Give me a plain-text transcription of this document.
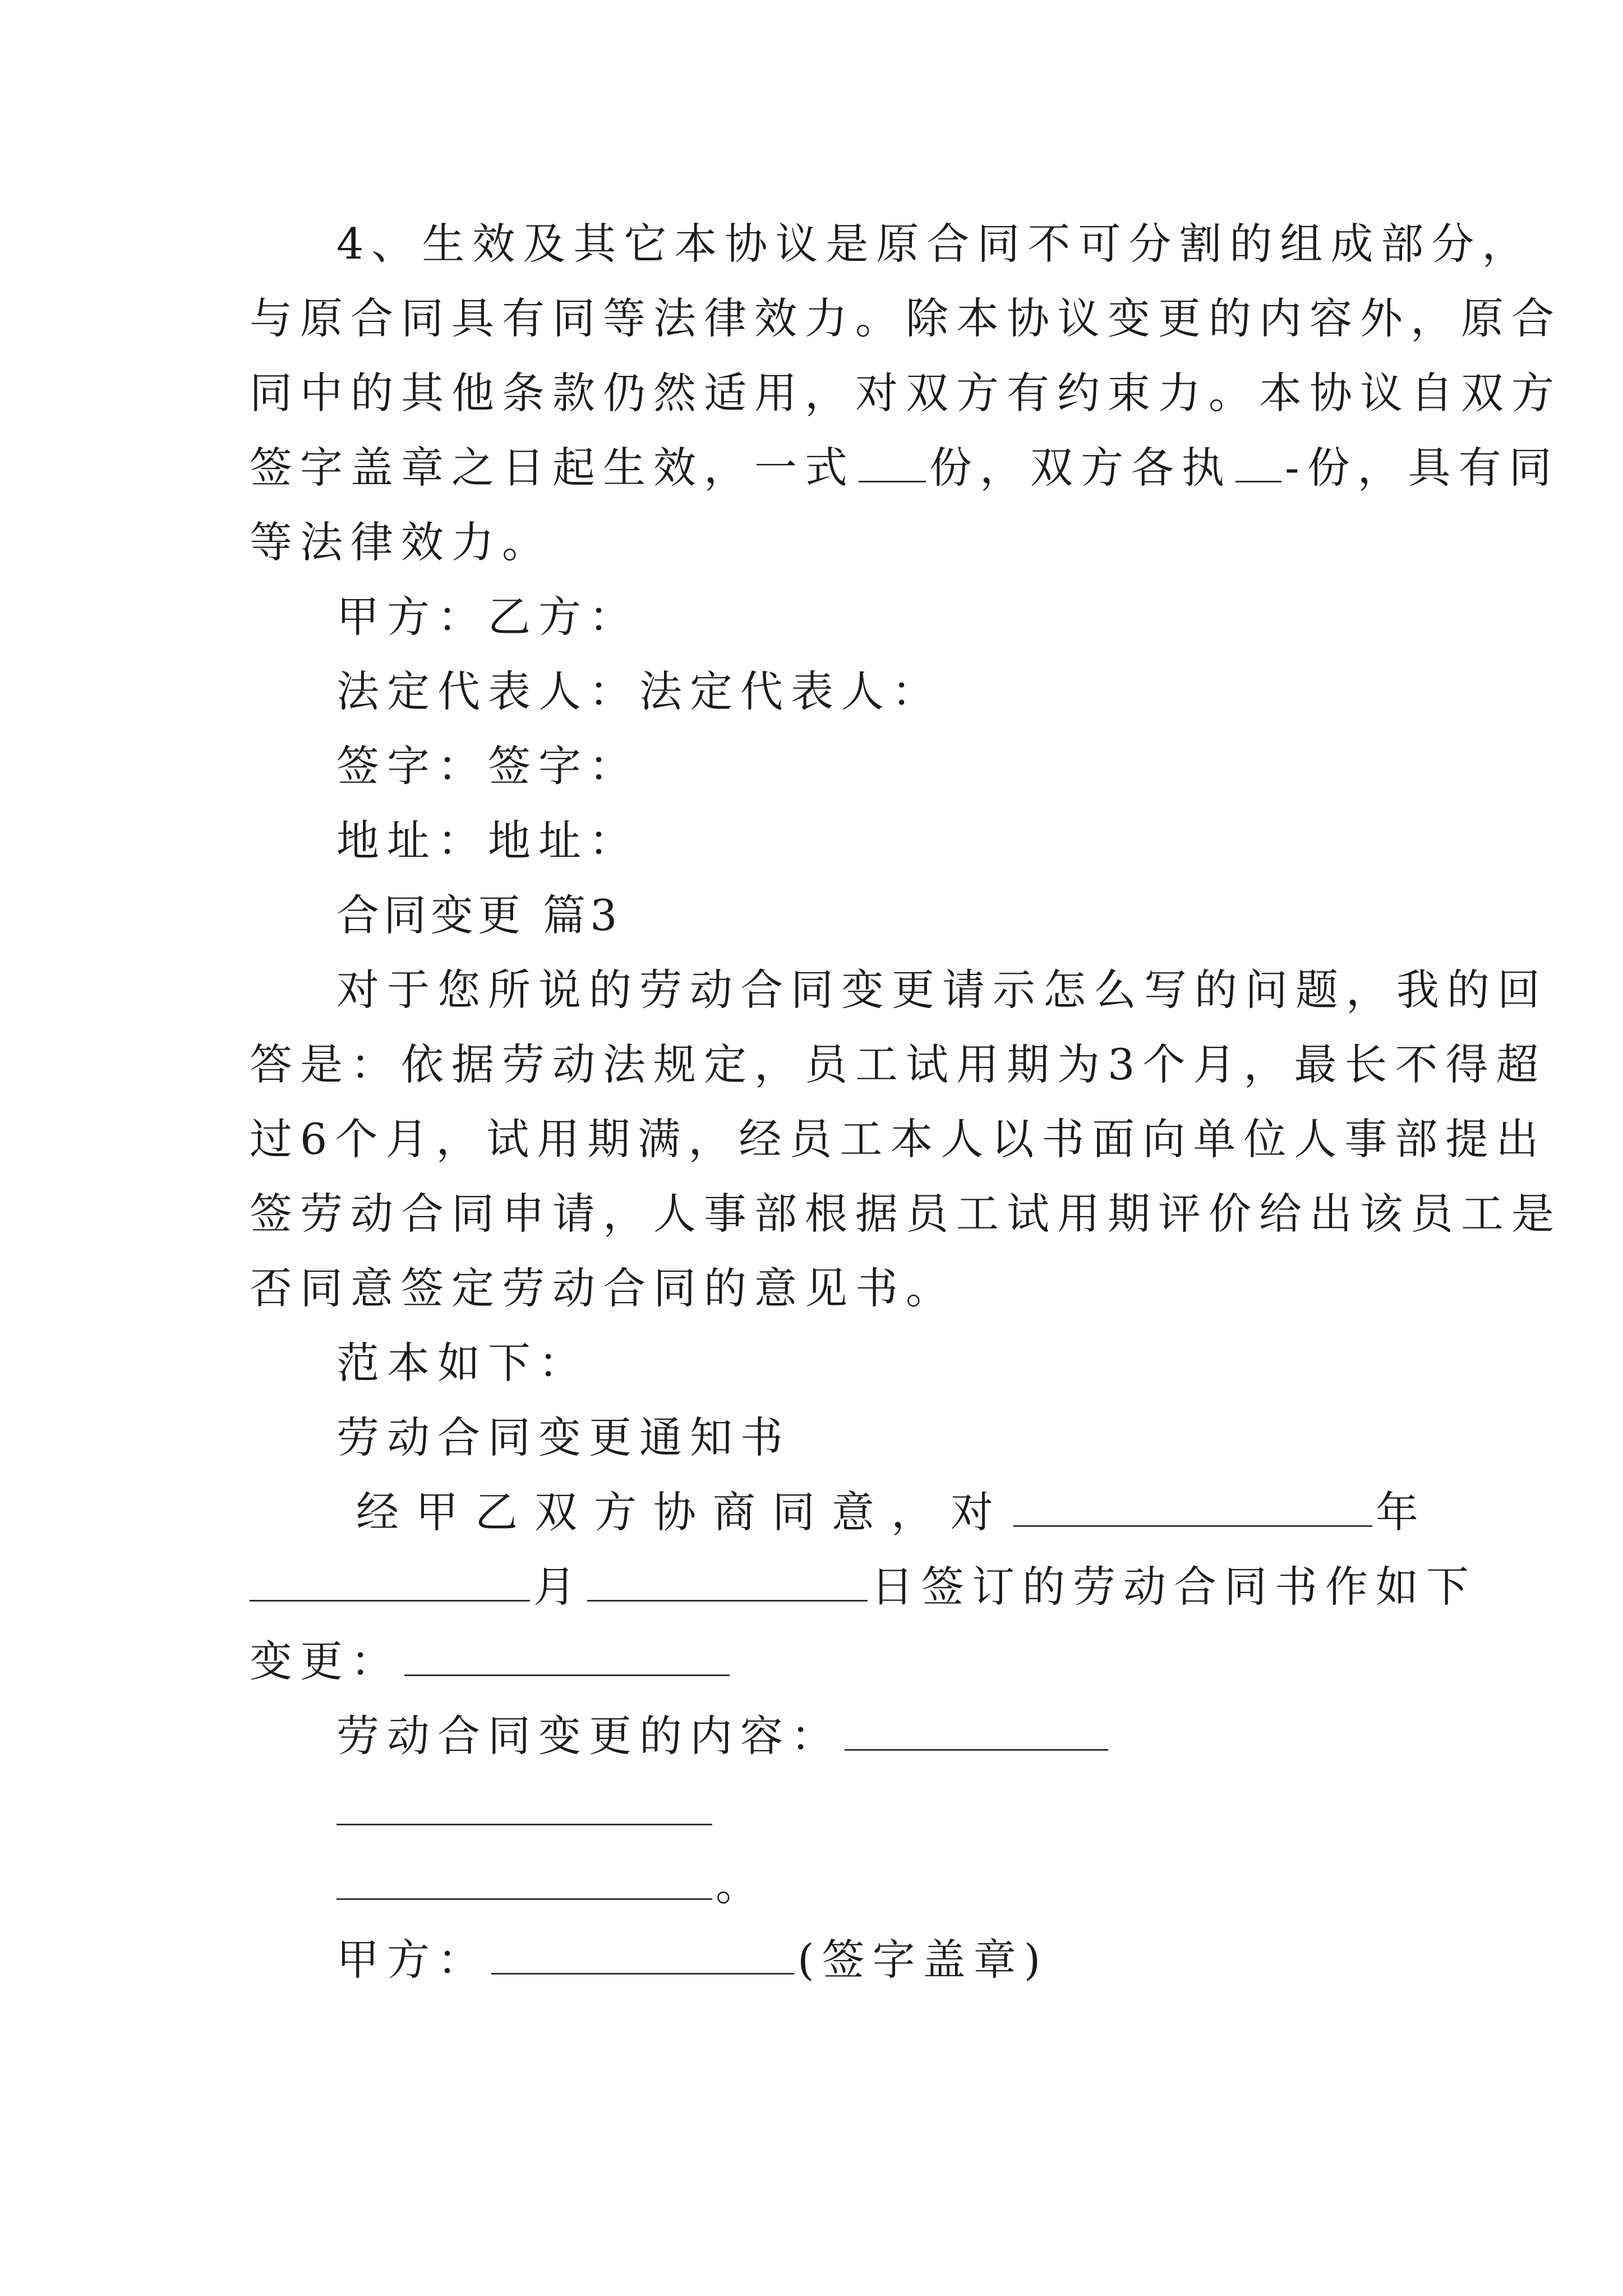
4、生效及其它本协议是原合同不可分割的组成部分，

与原合同具有同等法律效力。除本协议变更的内容外，原合

同中的其他条款仍然适用，对双方有约束力。本协议自双方

签字盖章之日起生效，一式 份，双方各执 -份，具有同

等法律效力。

甲方：乙方：

法定代表人：法定代表人：

签字：签字：

地址：地址：

合同变更 篇3

对于您所说的劳动合同变更请示怎么写的问题，我的回

答是：依据劳动法规定，员工试用期为3个月，最长不得超

过6个月，试用期满，经员工本人以书面向单位人事部提出

签劳动合同申请，人事部根据员工试用期评价给出该员工是

否同意签定劳动合同的意见书。

范本如下：

劳动合同变更通知书

经甲乙双方协商同意，对	年

月	日签订的劳动合同书作如下

变更：

劳动合同变更的内容：

。

甲方：	(签字盖章)
